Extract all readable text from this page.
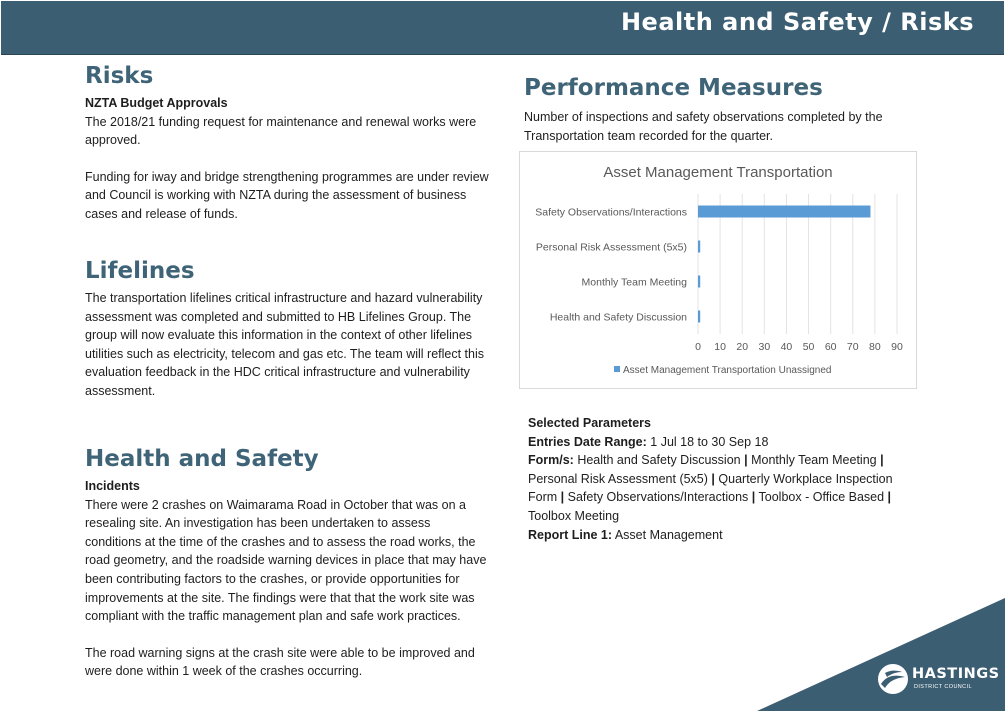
Health and Safety / Risks
Risks
NZTA Budget Approvals

The 2018/21 funding request for maintenance and renewal works were approved.

Funding for iway and bridge strengthening programmes are under review and Council is working with NZTA during the assessment of business cases and release of funds.

Lifelines

The transportation lifelines critical infrastructure and hazard vulnerability assessment was completed and submitted to HB Lifelines Group. The group will now evaluate this information in the context of other lifelines utilities such as electricity, telecom and gas etc. The team will reflect this evaluation feedback in the HDC critical infrastructure and vulnerability assessment.

Health and Safety
Incidents

There were 2 crashes on Waimarama Road in October that was on a resealing site. An investigation has been undertaken to assess conditions at the time of the crashes and to assess the road works, the road geometry, and the roadside warning devices in place that may have been contributing factors to the crashes, or provide opportunities for improvements at the site. The findings were that that the work site was compliant with the traffic management plan and safe work practices.

The road warning signs at the crash site were able to be improved and were done within 1 week of the crashes occurring.

Performance Measures

Number of inspections and safety observations completed by the Transportation team recorded for the quarter.

Asset Management Transportation
0 10 20 30 40 50 60 70 80 90
Safety Observations/Interactions
Personal Risk Assessment (5x5)
Monthly Team Meeting
Health and Safety Discussion
Asset Management Transportation Unassigned
Selected Parameters
Entries Date Range: 1 Jul 18 to 30 Sep 18
Form/s: Health and Safety Discussion | Monthly Team Meeting | Personal Risk Assessment (5x5) | Quarterly Workplace Inspection Form | Safety Observations/Interactions | Toolbox - Office Based | Toolbox Meeting
Report Line 1: Asset Management
HASTINGS
DISTRICT COUNCIL
